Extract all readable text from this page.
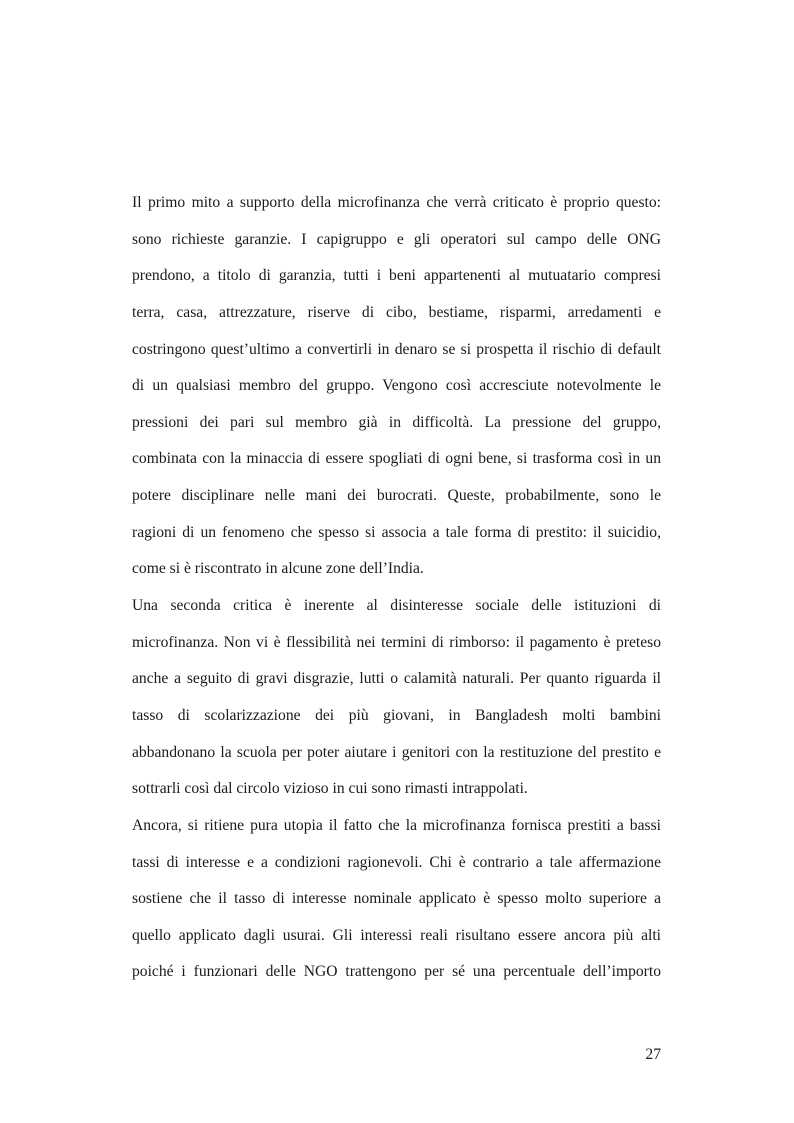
Il primo mito a supporto della microfinanza che verrà criticato è proprio questo:
sono richieste garanzie. I capigruppo e gli operatori sul campo delle ONG
prendono, a titolo di garanzia, tutti i beni appartenenti al mutuatario compresi
terra, casa, attrezzature, riserve di cibo, bestiame, risparmi, arredamenti e
costringono quest’ultimo a convertirli in denaro se si prospetta il rischio di default
di un qualsiasi membro del gruppo. Vengono così accresciute notevolmente le
pressioni dei pari sul membro già in difficoltà. La pressione del gruppo,
combinata con la minaccia di essere spogliati di ogni bene, si trasforma così in un
potere disciplinare nelle mani dei burocrati. Queste, probabilmente, sono le
ragioni di un fenomeno che spesso si associa a tale forma di prestito: il suicidio,
come si è riscontrato in alcune zone dell’India.
Una seconda critica è inerente al disinteresse sociale delle istituzioni di
microfinanza. Non vi è flessibilità nei termini di rimborso: il pagamento è preteso
anche a seguito di gravi disgrazie, lutti o calamità naturali. Per quanto riguarda il
tasso di scolarizzazione dei più giovani, in Bangladesh molti bambini
abbandonano la scuola per poter aiutare i genitori con la restituzione del prestito e
sottrarli così dal circolo vizioso in cui sono rimasti intrappolati.
Ancora, si ritiene pura utopia il fatto che la microfinanza fornisca prestiti a bassi
tassi di interesse e a condizioni ragionevoli. Chi è contrario a tale affermazione
sostiene che il tasso di interesse nominale applicato è spesso molto superiore a
quello applicato dagli usurai. Gli interessi reali risultano essere ancora più alti
poiché i funzionari delle NGO trattengono per sé una percentuale dell’importo
27
